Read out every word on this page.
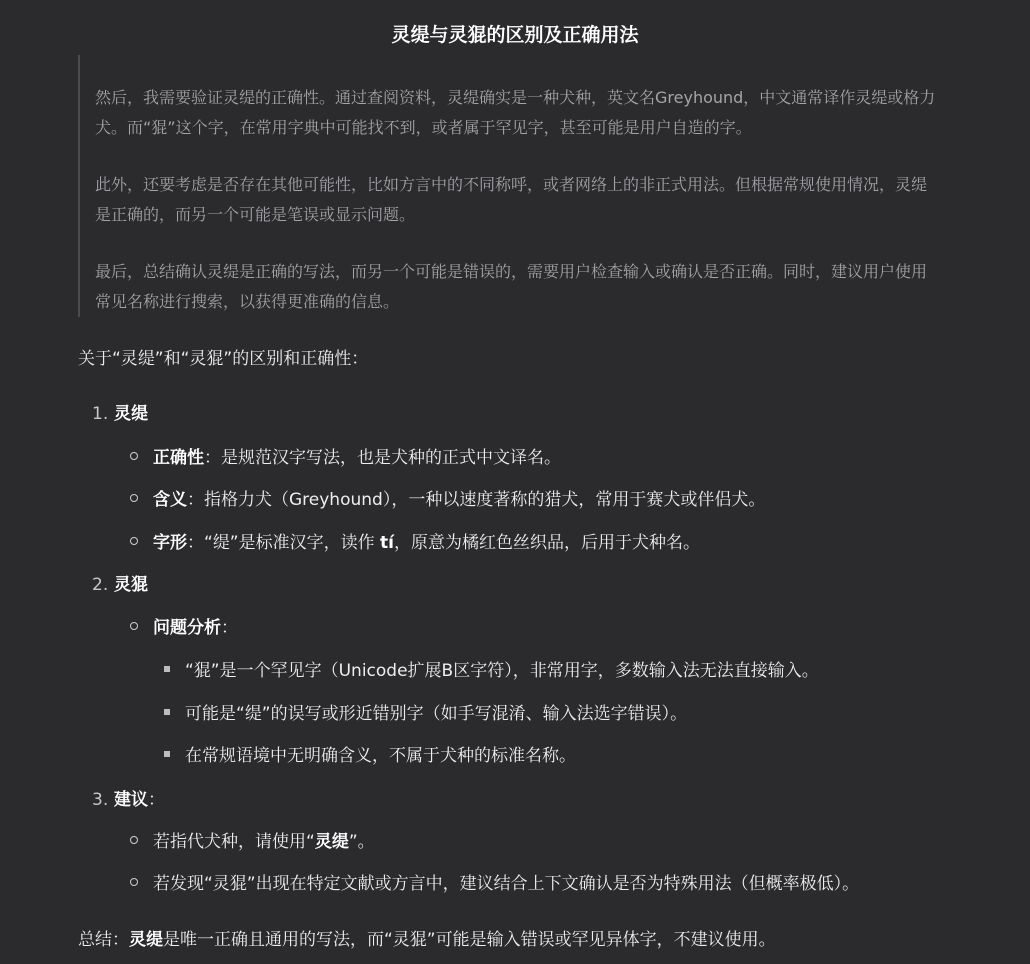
灵缇与灵猑的区别及正确用法
然后，我需要验证灵缇的正确性。通过查阅资料，灵缇确实是一种犬种，英文名Greyhound，中文通常译作灵缇或格力
犬。而“猑”这个字，在常用字典中可能找不到，或者属于罕见字，甚至可能是用户自造的字。
此外，还要考虑是否存在其他可能性，比如方言中的不同称呼，或者网络上的非正式用法。但根据常规使用情况，灵缇
是正确的，而另一个可能是笔误或显示问题。
最后，总结确认灵缇是正确的写法，而另一个可能是错误的，需要用户检查输入或确认是否正确。同时，建议用户使用
常见名称进行搜索，以获得更准确的信息。
关于“灵缇”和“灵猑”的区别和正确性：
1. 灵缇
正确性：是规范汉字写法，也是犬种的正式中文译名。
含义：指格力犬（Greyhound），一种以速度著称的猎犬，常用于赛犬或伴侣犬。
字形：“缇”是标准汉字，读作 tí，原意为橘红色丝织品，后用于犬种名。
2. 灵猑
问题分析：
“猑”是一个罕见字（Unicode扩展B区字符），非常用字，多数输入法无法直接输入。
可能是“缇”的误写或形近错别字（如手写混淆、输入法选字错误）。
在常规语境中无明确含义，不属于犬种的标准名称。
3. 建议：
若指代犬种，请使用“灵缇”。
若发现“灵猑”出现在特定文献或方言中，建议结合上下文确认是否为特殊用法（但概率极低）。
总结：灵缇是唯一正确且通用的写法，而“灵猑”可能是输入错误或罕见异体字，不建议使用。
